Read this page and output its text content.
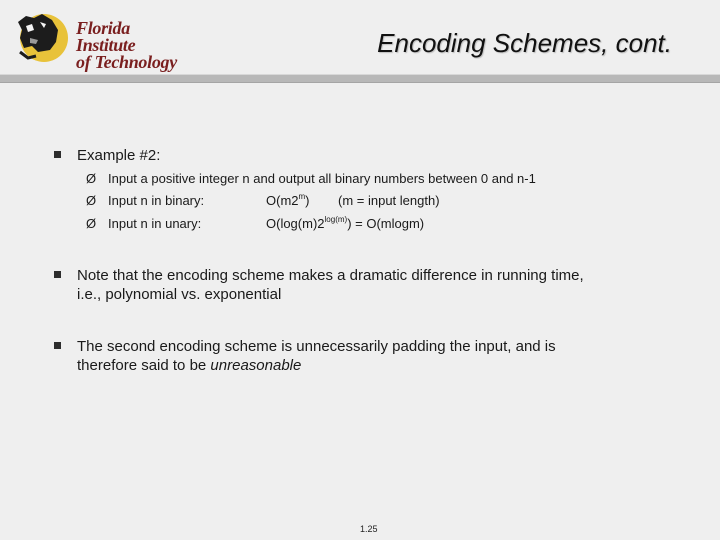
Florida Institute
of Technology
Encoding Schemes, cont.
Example #2:
Ø Input a positive integer n and output all binary numbers between 0 and n-1
Ø Input n in binary:	O(m2$^m$) (m = input length)
Ø Input n in unary:	$O(\log(m)2^{log(m)}) = O(mlogm)$
Note that the encoding scheme makes a dramatic difference in running time,
i.e., polynomial vs. exponential
The second encoding scheme is unnecessarily padding the input, and is
therefore said to be unreasonable
1.25
